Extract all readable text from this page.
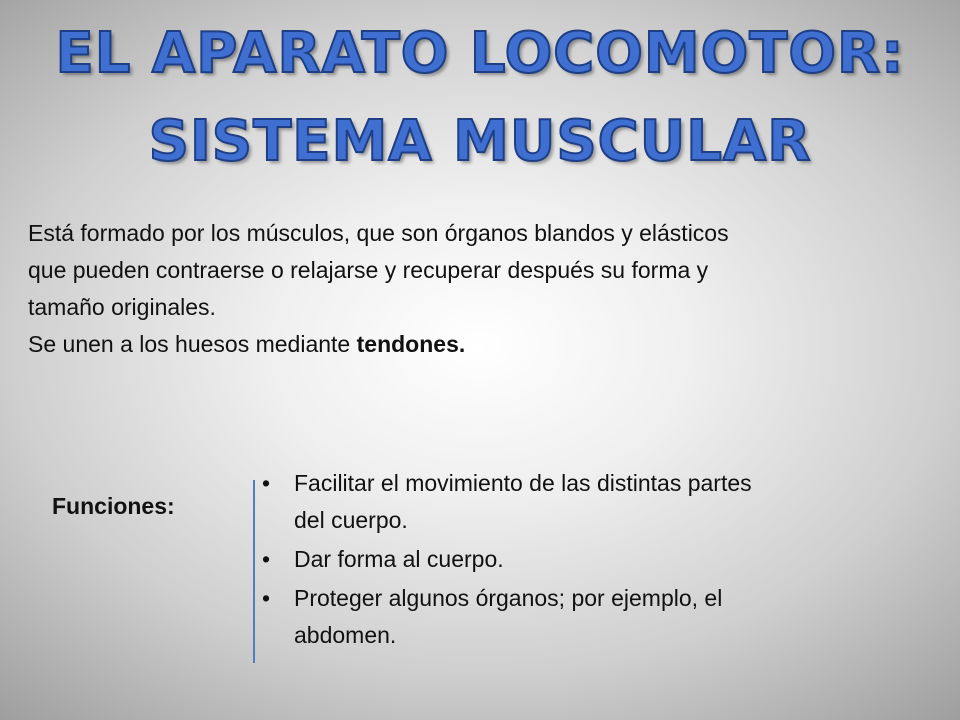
EL APARATO LOCOMOTOR:
SISTEMA MUSCULAR

Está formado por los músculos, que son órganos blandos y elásticos

que pueden contraerse o relajarse y recuperar después su forma y

tamaño originales.

Se unen a los huesos mediante tendones.

Funciones:
•	Facilitar el movimiento de las distintas partes
del cuerpo.
•	Dar forma al cuerpo.
•	Proteger algunos órganos; por ejemplo, el
abdomen.
